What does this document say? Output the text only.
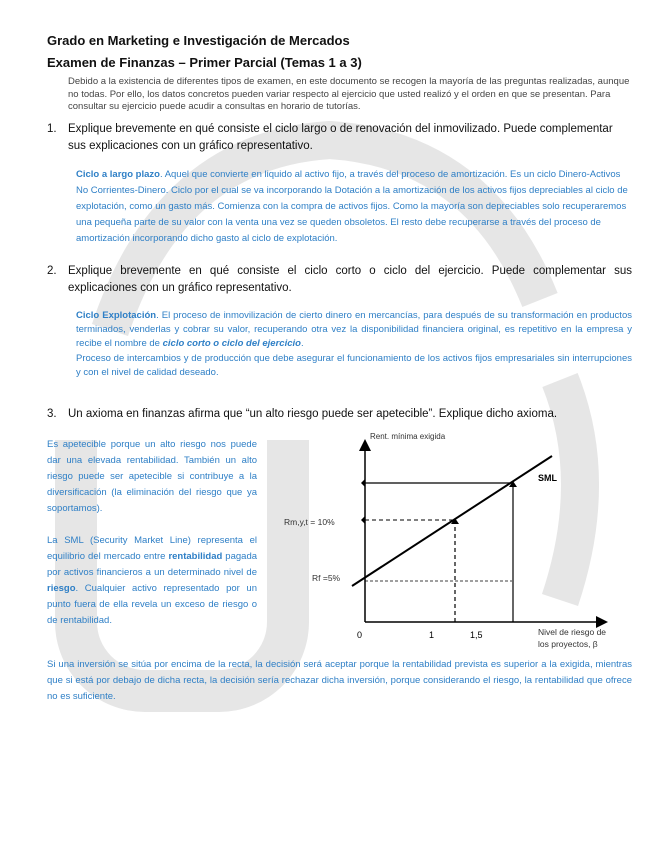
Grado en Marketing e Investigación de Mercados
Examen de Finanzas – Primer Parcial (Temas 1 a 3)
Debido a la existencia de diferentes tipos de examen, en este documento se recogen la mayoría de las preguntas realizadas, aunque no todas. Por ello, los datos concretos pueden variar respecto al ejercicio que usted realizó y el orden en que se presentan. Para consultar su ejercicio puede acudir a consultas en horario de tutorías.
1. Explique brevemente en qué consiste el ciclo largo o de renovación del inmovilizado. Puede complementar sus explicaciones con un gráfico representativo.
Ciclo a largo plazo. Aquel que convierte en liquido al activo fijo, a través del proceso de amortización. Es un ciclo Dinero-Activos No Corrientes-Dinero. Ciclo por el cual se va incorporando la Dotación a la amortización de los activos fijos depreciables al ciclo de explotación, como un gasto más. Comienza con la compra de activos fijos. Como la mayoría son depreciables solo recuperaremos una pequeña parte de su valor con la venta una vez se queden obsoletos. El resto debe recuperarse a través del proceso de amortización incorporando dicho gasto al ciclo de explotación.
2. Explique brevemente en qué consiste el ciclo corto o ciclo del ejercicio. Puede complementar sus explicaciones con un gráfico representativo.
Ciclo Explotación. El proceso de inmovilización de cierto dinero en mercancías, para después de su transformación en productos terminados, venderlas y cobrar su valor, recuperando otra vez la disponibilidad financiera original, es repetitivo en la empresa y recibe el nombre de ciclo corto o ciclo del ejercicio.
Proceso de intercambios y de producción que debe asegurar el funcionamiento de los activos fijos empresariales sin interrupciones y con el nivel de calidad deseado.
3. Un axioma en finanzas afirma que “un alto riesgo puede ser apetecible”. Explique dicho axioma.
Es apetecible porque un alto riesgo nos puede dar una elevada rentabilidad. También un alto riesgo puede ser apetecible si contribuye a la diversificación (la eliminación del riesgo que ya soportamos).
La SML (Security Market Line) representa el equilibrio del mercado entre rentabilidad pagada por activos financieros a un determinado nivel de riesgo. Cualquier activo representado por un punto fuera de ella revela un exceso de riesgo o de rentabilidad.
Rent. mínima exigida
SML
Rm,y,t = 10%
Rf =5%
0	1	1,5	Nivel de riesgo de
los proyectos, β
Si una inversión se sitúa por encima de la recta, la decisión será aceptar porque la rentabilidad prevista es superior a la exigida, mientras que si está por debajo de dicha recta, la decisión sería rechazar dicha inversión, porque considerando el riesgo, la rentabilidad que ofrece no es suficiente.
